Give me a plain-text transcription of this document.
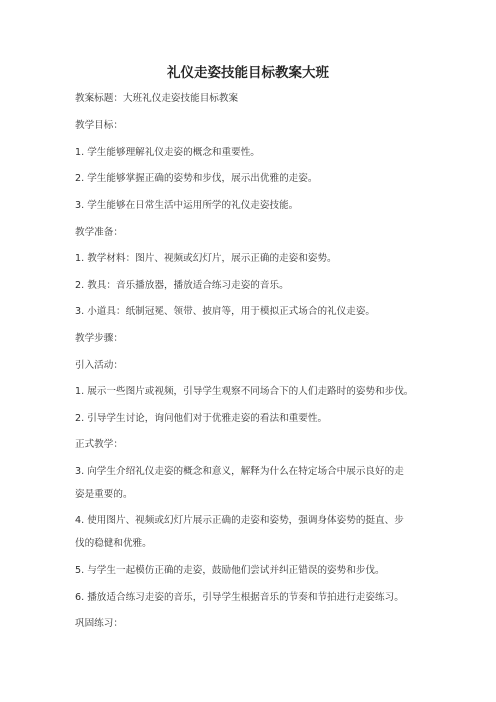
礼仪走姿技能目标教案大班
教案标题：大班礼仪走姿技能目标教案
教学目标：
1. 学生能够理解礼仪走姿的概念和重要性。
2. 学生能够掌握正确的姿势和步伐，展示出优雅的走姿。
3. 学生能够在日常生活中运用所学的礼仪走姿技能。
教学准备：
1. 教学材料：图片、视频或幻灯片，展示正确的走姿和姿势。
2. 教具：音乐播放器，播放适合练习走姿的音乐。
3. 小道具：纸制冠冕、领带、披肩等，用于模拟正式场合的礼仪走姿。
教学步骤：
引入活动：
1. 展示一些图片或视频，引导学生观察不同场合下的人们走路时的姿势和步伐。
2. 引导学生讨论，询问他们对于优雅走姿的看法和重要性。
正式教学：
3. 向学生介绍礼仪走姿的概念和意义，解释为什么在特定场合中展示良好的走
姿是重要的。
4. 使用图片、视频或幻灯片展示正确的走姿和姿势，强调身体姿势的挺直、步
伐的稳健和优雅。
5. 与学生一起模仿正确的走姿，鼓励他们尝试并纠正错误的姿势和步伐。
6. 播放适合练习走姿的音乐，引导学生根据音乐的节奏和节拍进行走姿练习。
巩固练习：
